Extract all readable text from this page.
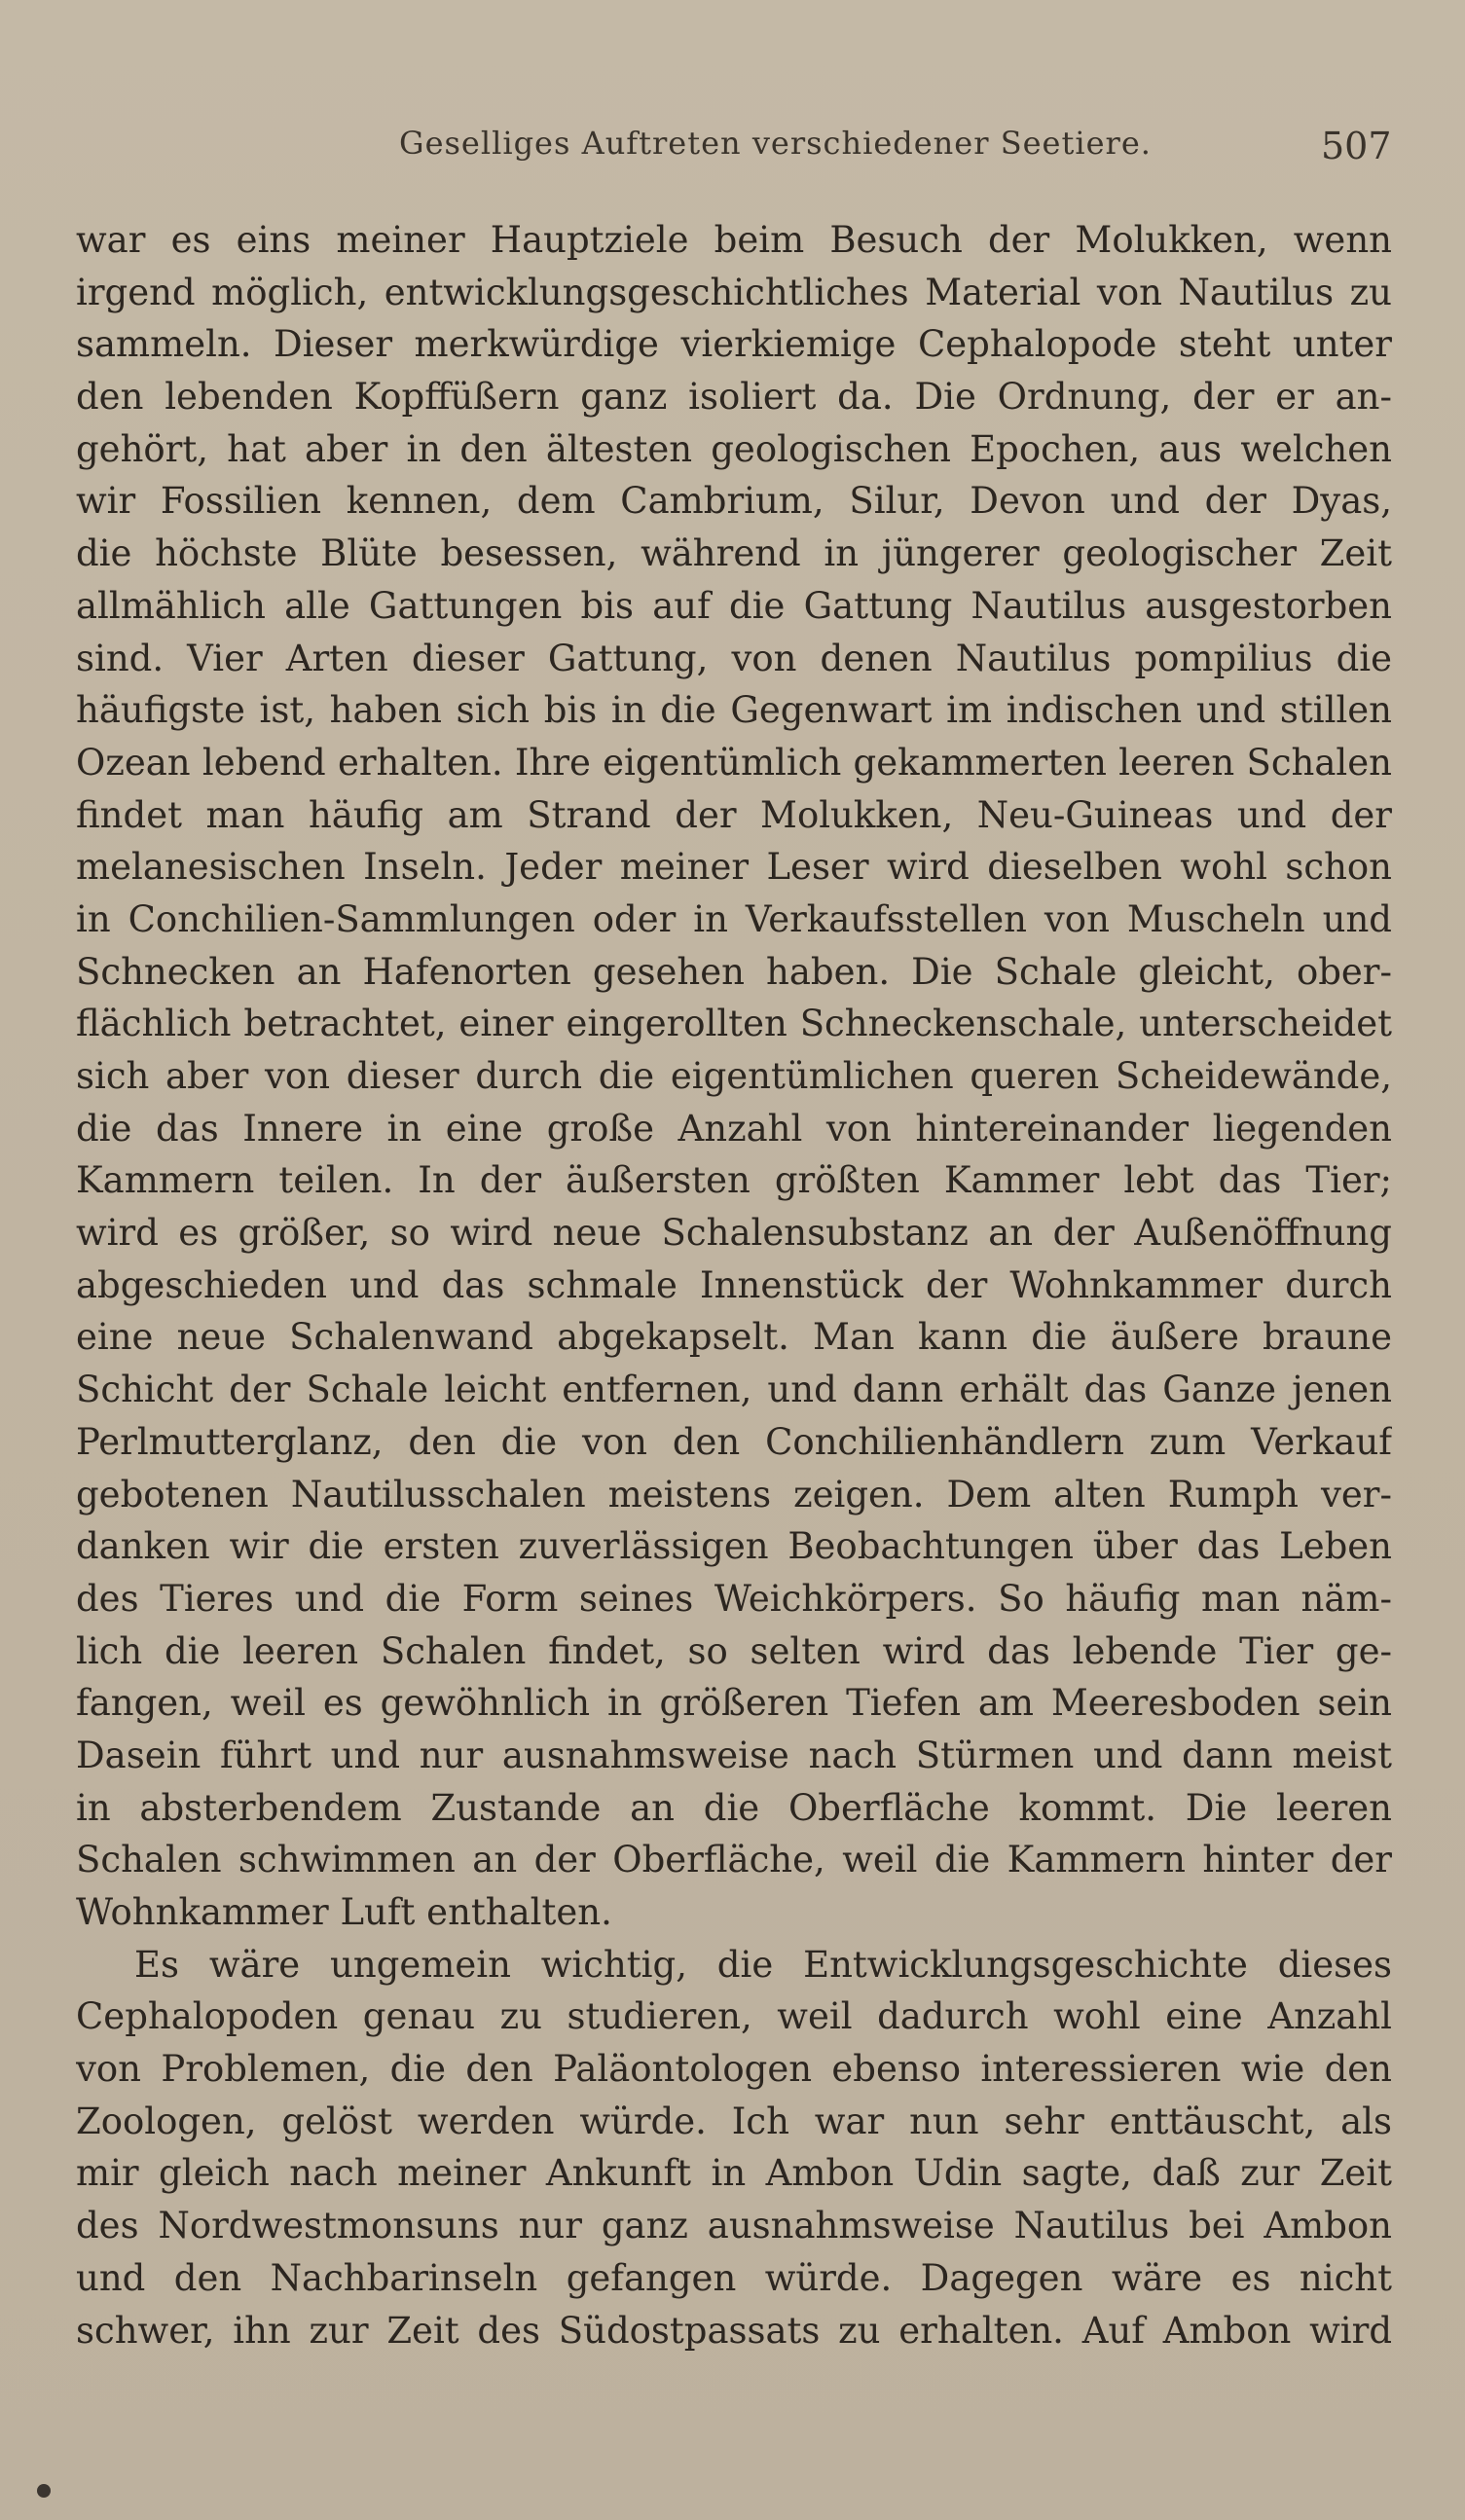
Geselliges Auftreten verschiedener Seetiere.	507
war es eins meiner Hauptziele beim Besuch der Molukken, wenn
irgend möglich, entwicklungsgeschichtliches Material von Nautilus zu
sammeln. Dieser merkwürdige vierkiemige Cephalopode steht unter
den lebenden Kopffüßern ganz isoliert da. Die Ordnung, der er an-
gehört, hat aber in den ältesten geologischen Epochen, aus welchen
wir Fossilien kennen, dem Cambrium, Silur, Devon und der Dyas,
die höchste Blüte besessen, während in jüngerer geologischer Zeit
allmählich alle Gattungen bis auf die Gattung Nautilus ausgestorben
sind. Vier Arten dieser Gattung, von denen Nautilus pompilius die
häufigste ist, haben sich bis in die Gegenwart im indischen und stillen
Ozean lebend erhalten. Ihre eigentümlich gekammerten leeren Schalen
findet man häufig am Strand der Molukken, Neu-Guineas und der
melanesischen Inseln. Jeder meiner Leser wird dieselben wohl schon
in Conchilien-Sammlungen oder in Verkaufsstellen von Muscheln und
Schnecken an Hafenorten gesehen haben. Die Schale gleicht, ober-
flächlich betrachtet, einer eingerollten Schneckenschale, unterscheidet
sich aber von dieser durch die eigentümlichen queren Scheidewände,
die das Innere in eine große Anzahl von hintereinander liegenden
Kammern teilen. In der äußersten größten Kammer lebt das Tier;
wird es größer, so wird neue Schalensubstanz an der Außenöffnung
abgeschieden und das schmale Innenstück der Wohnkammer durch
eine neue Schalenwand abgekapselt. Man kann die äußere braune
Schicht der Schale leicht entfernen, und dann erhält das Ganze jenen
Perlmutterglanz, den die von den Conchilienhändlern zum Verkauf
gebotenen Nautilusschalen meistens zeigen. Dem alten Rumph ver-
danken wir die ersten zuverlässigen Beobachtungen über das Leben
des Tieres und die Form seines Weichkörpers. So häufig man näm-
lich die leeren Schalen findet, so selten wird das lebende Tier ge-
fangen, weil es gewöhnlich in größeren Tiefen am Meeresboden sein
Dasein führt und nur ausnahmsweise nach Stürmen und dann meist
in absterbendem Zustande an die Oberfläche kommt. Die leeren
Schalen schwimmen an der Oberfläche, weil die Kammern hinter der
Wohnkammer Luft enthalten.
Es wäre ungemein wichtig, die Entwicklungsgeschichte dieses
Cephalopoden genau zu studieren, weil dadurch wohl eine Anzahl
von Problemen, die den Paläontologen ebenso interessieren wie den
Zoologen, gelöst werden würde. Ich war nun sehr enttäuscht, als
mir gleich nach meiner Ankunft in Ambon Udin sagte, daß zur Zeit
des Nordwestmonsuns nur ganz ausnahmsweise Nautilus bei Ambon
und den Nachbarinseln gefangen würde. Dagegen wäre es nicht
schwer, ihn zur Zeit des Südostpassats zu erhalten. Auf Ambon wird
